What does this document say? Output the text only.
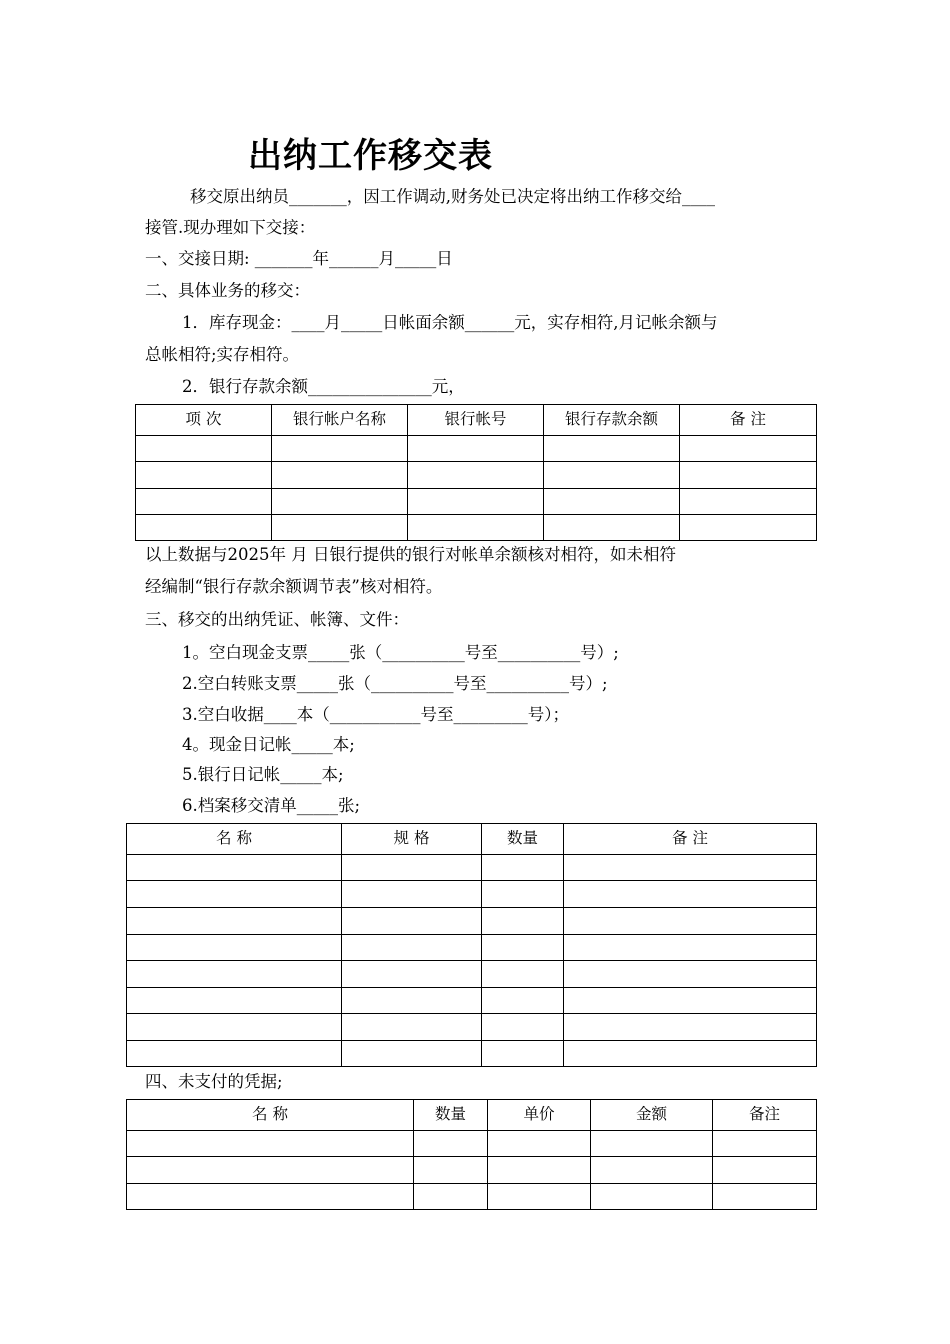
出纳工作移交表
移交原出纳员_______，因工作调动,财务处已决定将出纳工作移交给____
接管.现办理如下交接：
一、交接日期: _______年______月_____日
二、具体业务的移交：
1．库存现金：____月_____日帐面余额______元，实存相符,月记帐余额与
总帐相符;实存相符。
2．银行存款余额_______________元，
项 次	银行帐户名称	银行帐号	银行存款余额	备 注

以上数据与2025年 月 日银行提供的银行对帐单余额核对相符，如未相符
经编制“银行存款余额调节表”核对相符。
三、移交的出纳凭证、帐簿、文件：
1。空白现金支票_____张（__________号至__________号）;
2.空白转账支票_____张（__________号至__________号）;
3.空白收据____本（___________号至_________号）；
4。现金日记帐_____本;
5.银行日记帐_____本;
6.档案移交清单_____张;
名 称	规 格	数量	备 注

四、未支付的凭据;
名 称	数量	单价	金额	备注
